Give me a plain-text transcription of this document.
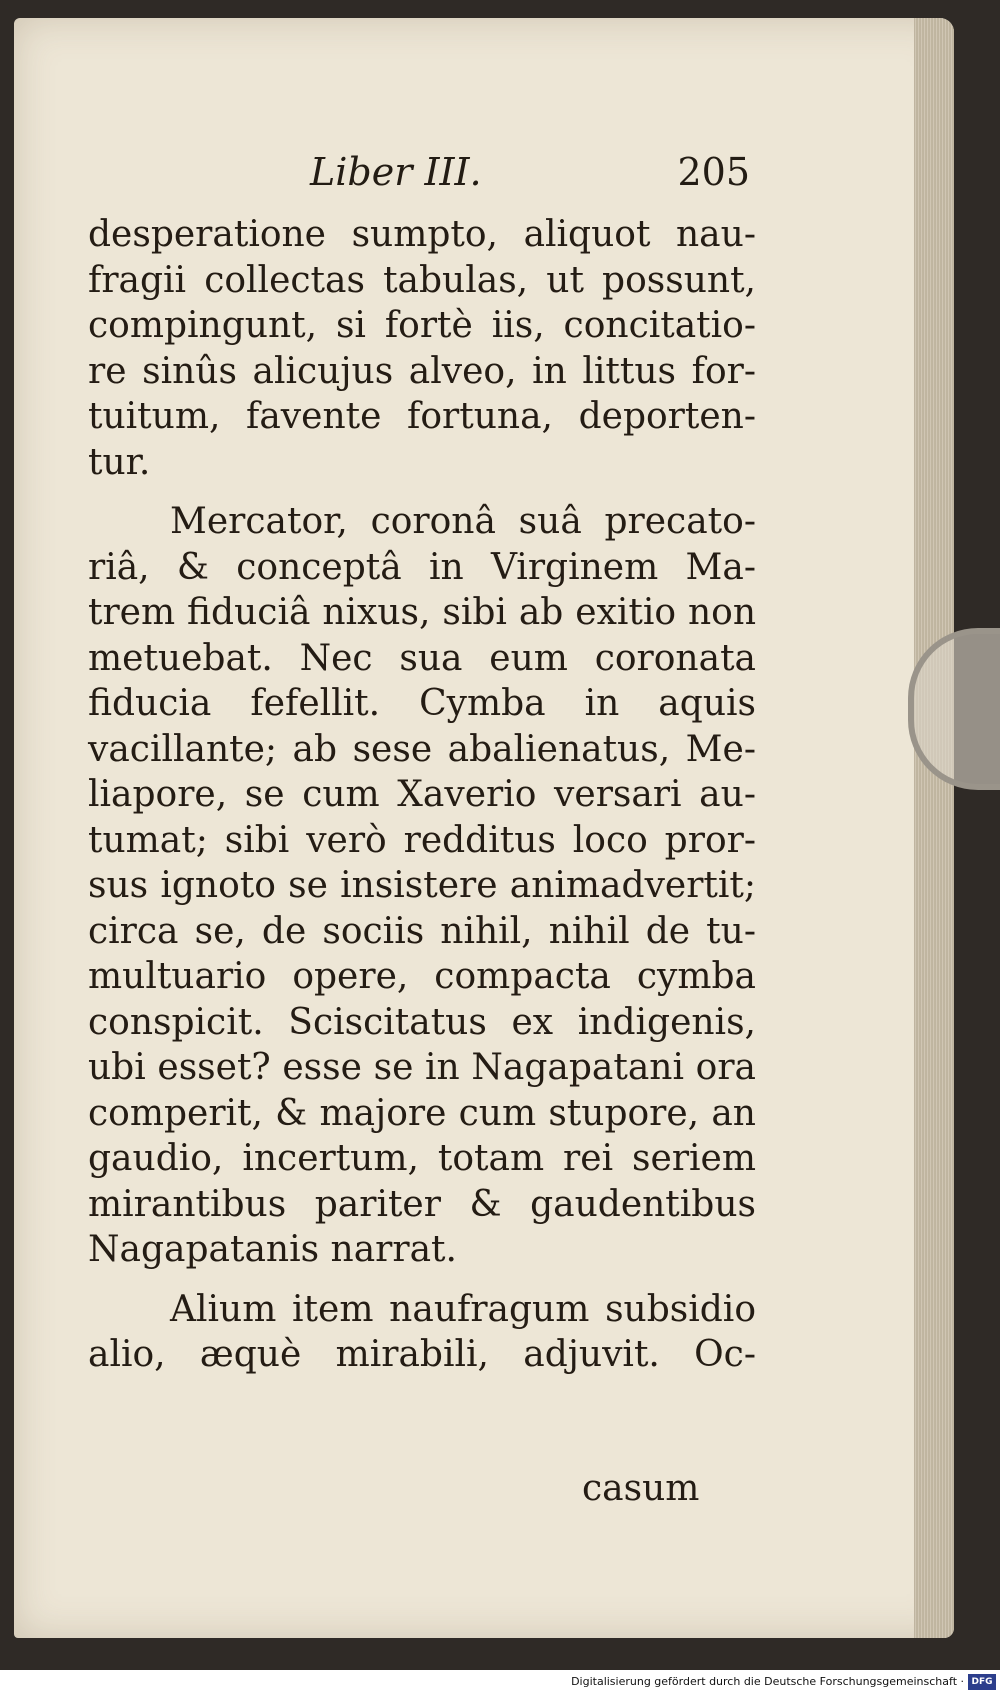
Liber III.	205
desperatione sumpto, aliquot nau-
fragii collectas tabulas, ut possunt,
compingunt, si fortè iis, concitatio-
re sinûs alicujus alveo, in littus for-
tuitum, favente fortuna, deporten-
tur.
Mercator, coronâ suâ precato-
riâ, & conceptâ in Virginem Ma-
trem fiduciâ nixus, sibi ab exitio non
metuebat. Nec sua eum coronata
fiducia fefellit. Cymba in aquis
vacillante; ab sese abalienatus, Me-
liapore, se cum Xaverio versari au-
tumat; sibi verò redditus loco pror-
sus ignoto se insistere animadvertit;
circa se, de sociis nihil, nihil de tu-
multuario opere, compacta cymba
conspicit. Sciscitatus ex indigenis,
ubi esset? esse se in Nagapatani ora
comperit, & majore cum stupore, an
gaudio, incertum, totam rei seriem
mirantibus pariter & gaudentibus
Nagapatanis narrat.
Alium item naufragum subsidio
alio, æquè mirabili, adjuvit. Oc-
casum
Digitalisierung gefördert durch die Deutsche Forschungsgemeinschaft · DFG
